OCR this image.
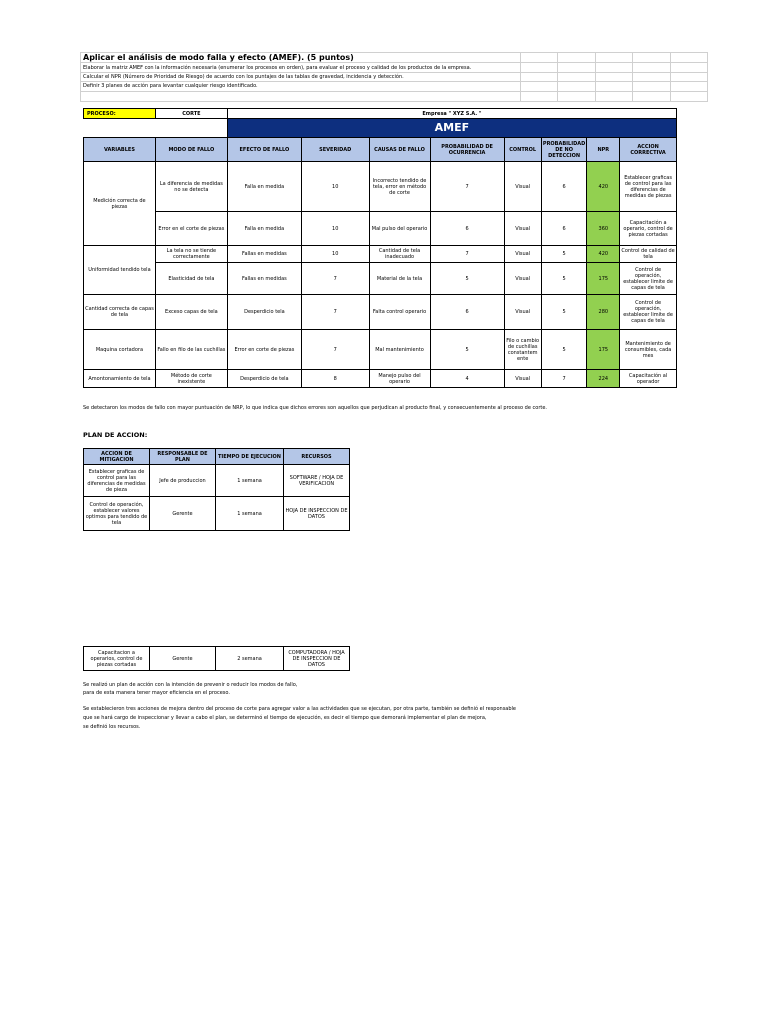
Aplicar el análisis de modo falla y efecto (AMEF). (5 puntos)
Elaborar la matriz AMEF con la información necesaria (enumerar los procesos en orden), para evaluar el proceso y calidad de los productos de la empresa.
Calcular el NPR (Número de Prioridad de Riesgo) de acuerdo con los puntajes de las tablas de gravedad, incidencia y detección.
Definir 3 planes de acción para levantar cualquier riesgo identificado.
PROCESO:	CORTE	Empresa " XYZ S.A. "							
		AMEF							
VARIABLES	MODO DE FALLO	EFECTO DE FALLO	SEVERIDAD	CAUSAS DE FALLO	PROBABILIDAD DE OCURRENCIA	CONTROL	PROBABILIDAD DE NO DETECCION	NPR	ACCION CORRECTIVA
Medición correcta de piezas	La diferencia de medidas no se detecta	Falla en medida	10	Incorrecto tendido de tela, error en método de corte	7	Visual	6	420	Establecer graficas de control para las diferencias de medidas de piezas
	Error en el corte de piezas	Falla en medida	10	Mal pulso del operario	6	Visual	6	360	Capacitación a operario, control de piezas cortadas
Uniformidad tendido tela	La tela no se tiende correctamente	Fallas en medidas	10	Cantidad de tela inadecuado	7	Visual	5	420	Control de calidad de tela
	Elasticidad de tela	Fallas en medidas	7	Material de la tela	5	Visual	5	175	Control de operación, establecer limite de capas de tela
Cantidad correcta de capas de tela	Exceso capas de tela	Desperdicio tela	7	Falta control operario	6	Visual	5	280	Control de operación, establecer limite de capas de tela
Maquina cortadora	Fallo en filo de las cuchillas	Error en corte de piezas	7	Mal mantenimiento	5	Filo o cambio de cuchillas constantem ente	5	175	Mantenimiento de consumibles, cada mes
Amontonamiento de tela	Método de corte inexistente	Desperdicio de tela	8	Manejo pulso del operario	4	Visual	7	224	Capacitación al operador
Se detectaron los modos de fallo con mayor puntuación de NRP, lo que indica que dichos errores son aquellos que perjudican al producto final, y consecuentemente al proceso de corte.
PLAN DE ACCION:
ACCION DE MITIGACION	RESPONSABLE DE PLAN	TIEMPO DE EJECUCION	RECURSOS
Establecer graficas de control para las diferencias de medidas de pieza	Jefe de produccion	1 semana	SOFTWARE / HOJA DE VERIFICACION
Control de operación, establecer valores optimos para tendido de tela	Gerente	1 semana	HOJA DE INSPECCION DE DATOS
Capacitacion a operarios, control de piezas cortadas	Gerente	2 semana	COMPUTADORA / HOJA DE INSPECCION DE DATOS
Se realizó un plan de acción con la intención de prevenir o reducir los modos de fallo,
para de esta manera tener mayor eficiencia en el proceso.
Se establecieron tres acciones de mejora dentro del proceso de corte para agregar valor a las actividades que se ejecutan, por otra parte, también se definió el responsable
que se hará cargo de inspeccionar y llevar a cabo el plan, se determinó el tiempo de ejecución, es decir el tiempo que demorará implementar el plan de mejora,
se definió los recursos.
